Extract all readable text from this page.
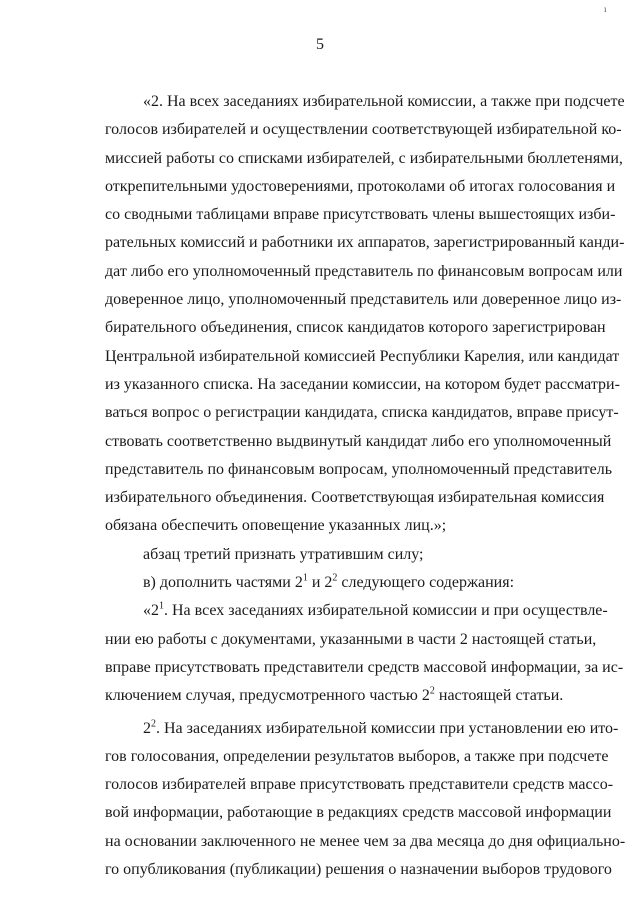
ı
5
«2. На всех заседаниях избирательной комиссии, а также при подсчете
голосов избирателей и осуществлении соответствующей избирательной ко-
миссией работы со списками избирателей, с избирательными бюллетенями,
открепительными удостоверениями, протоколами об итогах голосования и
со сводными таблицами вправе присутствовать члены вышестоящих изби-
рательных комиссий и работники их аппаратов, зарегистрированный канди-
дат либо его уполномоченный представитель по финансовым вопросам или
доверенное лицо, уполномоченный представитель или доверенное лицо из-
бирательного объединения, список кандидатов которого зарегистрирован
Центральной избирательной комиссией Республики Карелия, или кандидат
из указанного списка. На заседании комиссии, на котором будет рассматри-
ваться вопрос о регистрации кандидата, списка кандидатов, вправе присут-
ствовать соответственно выдвинутый кандидат либо его уполномоченный
представитель по финансовым вопросам, уполномоченный представитель
избирательного объединения. Соответствующая избирательная комиссия
обязана обеспечить оповещение указанных лиц.»;
абзац третий признать утратившим силу;
в) дополнить частями $2^1$ и $2^2$ следующего содержания:
«$2^1$. На всех заседаниях избирательной комиссии и при осуществле-
нии ею работы с документами, указанными в части 2 настоящей статьи,
вправе присутствовать представители средств массовой информации, за ис-
ключением случая, предусмотренного частью $2^2$ настоящей статьи.
$2^2$. На заседаниях избирательной комиссии при установлении ею ито-
гов голосования, определении результатов выборов, а также при подсчете
голосов избирателей вправе присутствовать представители средств массо-
вой информации, работающие в редакциях средств массовой информации
на основании заключенного не менее чем за два месяца до дня официально-
го опубликования (публикации) решения о назначении выборов трудового
